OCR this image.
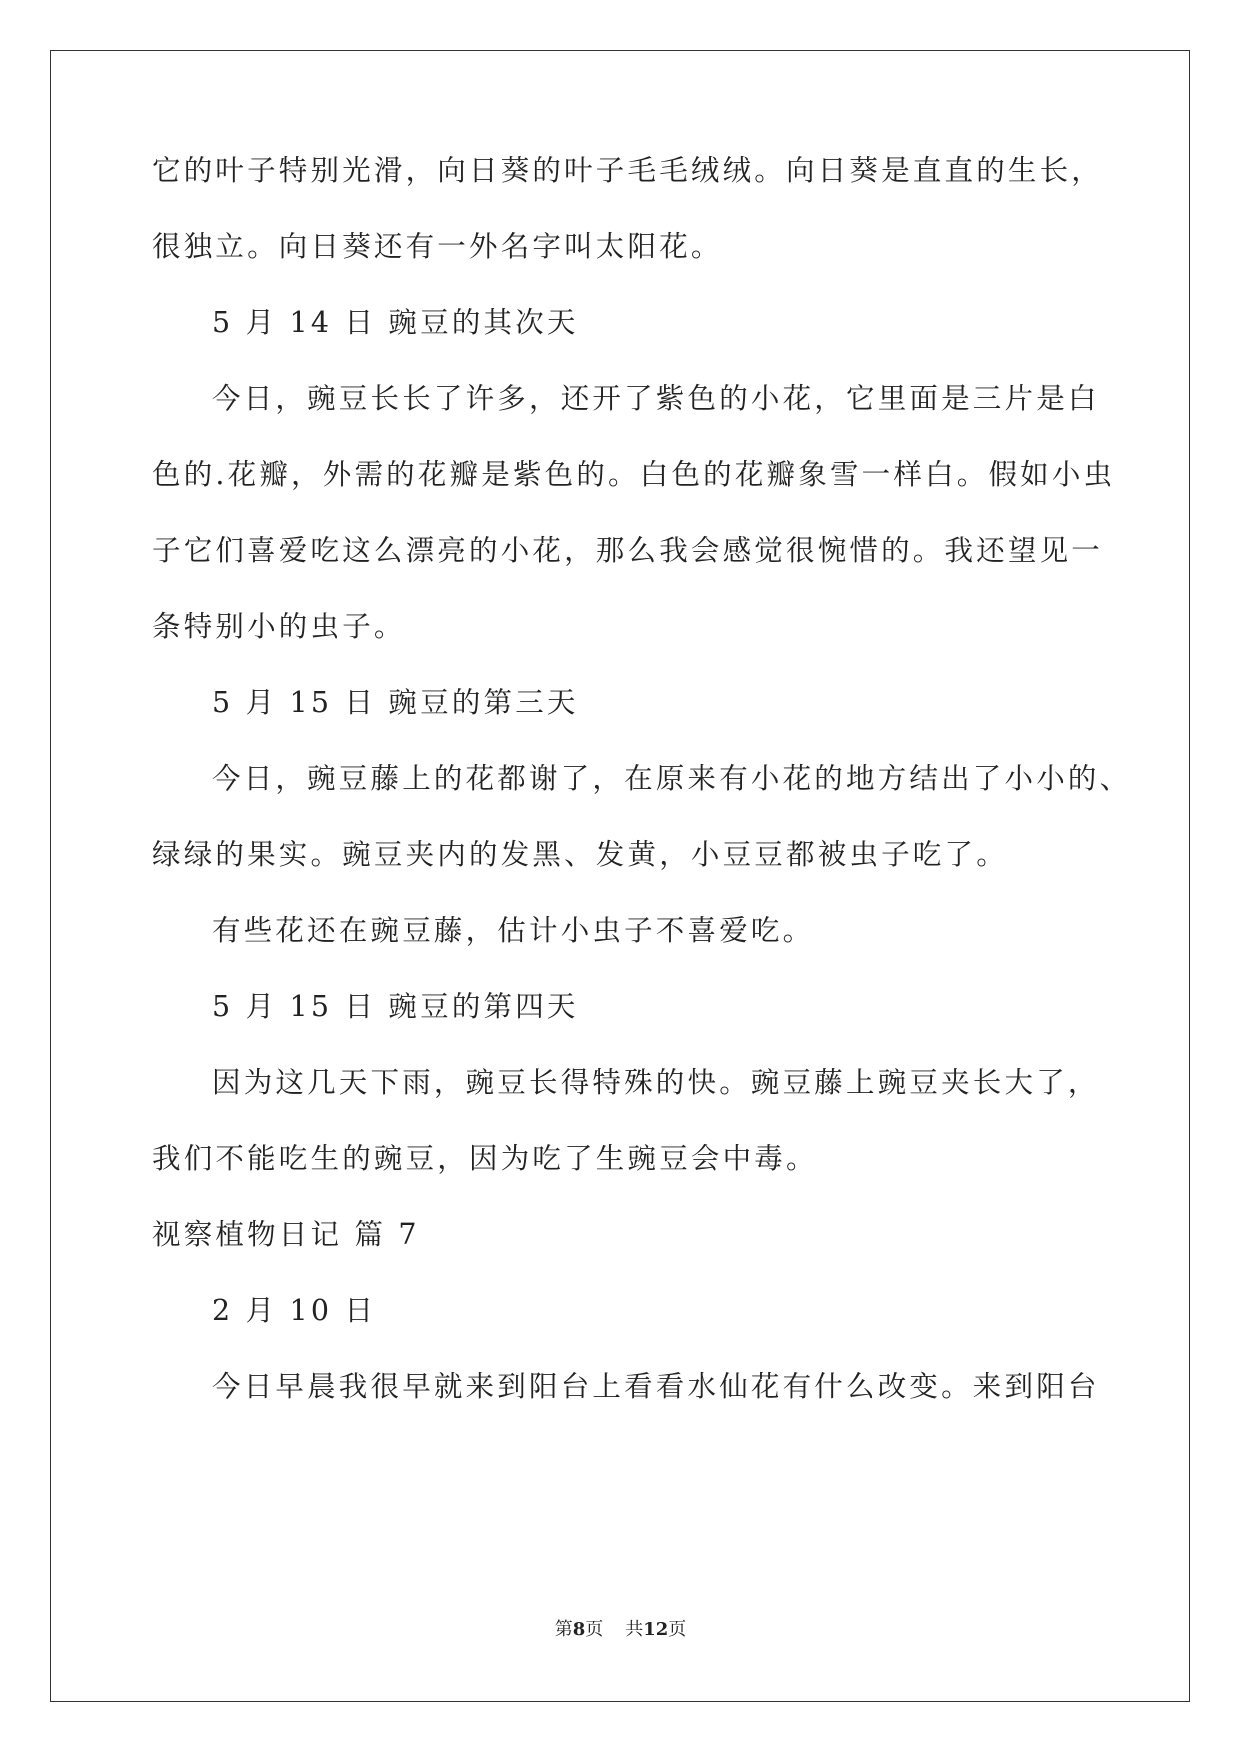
它的叶子特别光滑，向日葵的叶子毛毛绒绒。向日葵是直直的生长，
很独立。向日葵还有一外名字叫太阳花。
5 月 14 日 豌豆的其次天
今日，豌豆长长了许多，还开了紫色的小花，它里面是三片是白
色的.花瓣，外需的花瓣是紫色的。白色的花瓣象雪一样白。假如小虫
子它们喜爱吃这么漂亮的小花，那么我会感觉很惋惜的。我还望见一
条特别小的虫子。
5 月 15 日 豌豆的第三天
今日，豌豆藤上的花都谢了，在原来有小花的地方结出了小小的、
绿绿的果实。豌豆夹内的发黑、发黄，小豆豆都被虫子吃了。
有些花还在豌豆藤，估计小虫子不喜爱吃。
5 月 15 日 豌豆的第四天
因为这几天下雨，豌豆长得特殊的快。豌豆藤上豌豆夹长大了，
我们不能吃生的豌豆，因为吃了生豌豆会中毒。
视察植物日记 篇 7
2 月 10 日
今日早晨我很早就来到阳台上看看水仙花有什么改变。来到阳台
第8页 共12页
